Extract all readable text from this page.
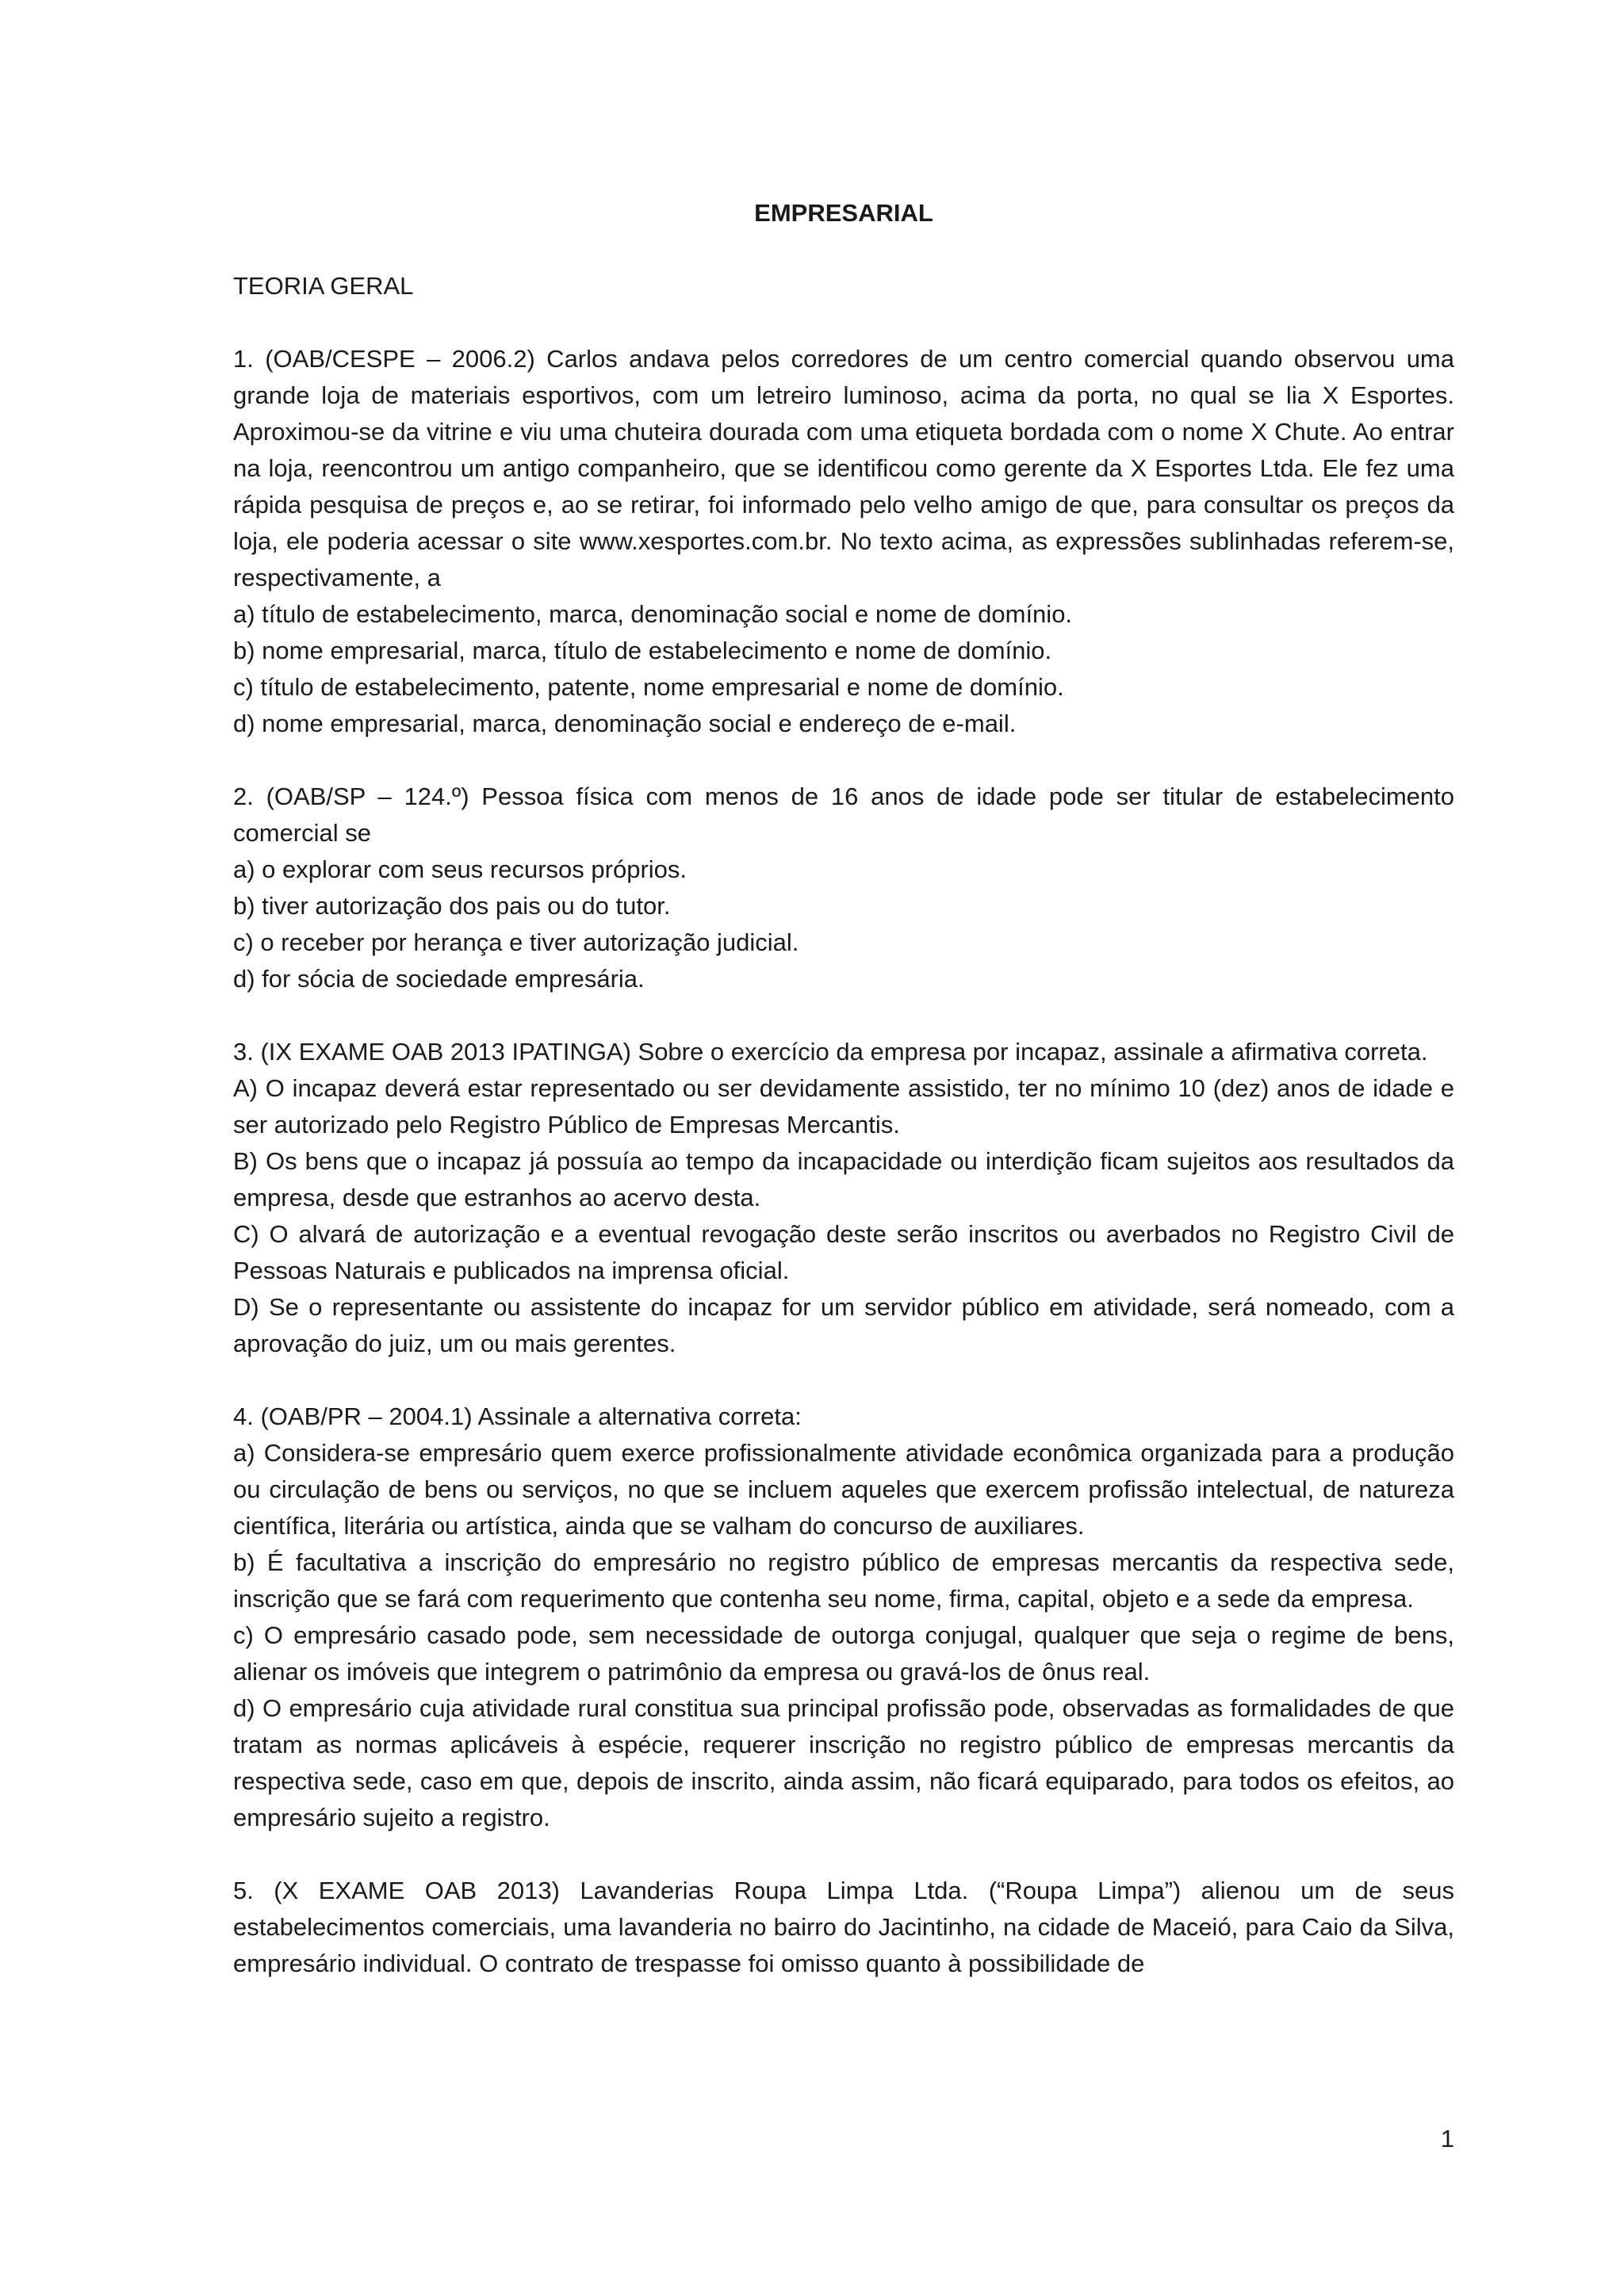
EMPRESARIAL

TEORIA GERAL

1. (OAB/CESPE – 2006.2) Carlos andava pelos corredores de um centro comercial quando observou uma grande loja de materiais esportivos, com um letreiro luminoso, acima da porta, no qual se lia X Esportes. Aproximou-se da vitrine e viu uma chuteira dourada com uma etiqueta bordada com o nome X Chute. Ao entrar na loja, reencontrou um antigo companheiro, que se identificou como gerente da X Esportes Ltda. Ele fez uma rápida pesquisa de preços e, ao se retirar, foi informado pelo velho amigo de que, para consultar os preços da loja, ele poderia acessar o site www.xesportes.com.br. No texto acima, as expressões sublinhadas referem-se, respectivamente, a

a) título de estabelecimento, marca, denominação social e nome de domínio.

b) nome empresarial, marca, título de estabelecimento e nome de domínio.

c) título de estabelecimento, patente, nome empresarial e nome de domínio.

d) nome empresarial, marca, denominação social e endereço de e-mail.

2. (OAB/SP – 124.º) Pessoa física com menos de 16 anos de idade pode ser titular de estabelecimento comercial se

a) o explorar com seus recursos próprios.

b) tiver autorização dos pais ou do tutor.

c) o receber por herança e tiver autorização judicial.

d) for sócia de sociedade empresária.

3. (IX EXAME OAB 2013 IPATINGA) Sobre o exercício da empresa por incapaz, assinale a afirmativa correta.

A) O incapaz deverá estar representado ou ser devidamente assistido, ter no mínimo 10 (dez) anos de idade e ser autorizado pelo Registro Público de Empresas Mercantis.

B) Os bens que o incapaz já possuía ao tempo da incapacidade ou interdição ficam sujeitos aos resultados da empresa, desde que estranhos ao acervo desta.

C) O alvará de autorização e a eventual revogação deste serão inscritos ou averbados no Registro Civil de Pessoas Naturais e publicados na imprensa oficial.

D) Se o representante ou assistente do incapaz for um servidor público em atividade, será nomeado, com a aprovação do juiz, um ou mais gerentes.

4. (OAB/PR – 2004.1) Assinale a alternativa correta:

a) Considera-se empresário quem exerce profissionalmente atividade econômica organizada para a produção ou circulação de bens ou serviços, no que se incluem aqueles que exercem profissão intelectual, de natureza científica, literária ou artística, ainda que se valham do concurso de auxiliares.

b) É facultativa a inscrição do empresário no registro público de empresas mercantis da respectiva sede, inscrição que se fará com requerimento que contenha seu nome, firma, capital, objeto e a sede da empresa.

c) O empresário casado pode, sem necessidade de outorga conjugal, qualquer que seja o regime de bens, alienar os imóveis que integrem o patrimônio da empresa ou gravá-los de ônus real.

d) O empresário cuja atividade rural constitua sua principal profissão pode, observadas as formalidades de que tratam as normas aplicáveis à espécie, requerer inscrição no registro público de empresas mercantis da respectiva sede, caso em que, depois de inscrito, ainda assim, não ficará equiparado, para todos os efeitos, ao empresário sujeito a registro.

5. (X EXAME OAB 2013) Lavanderias Roupa Limpa Ltda. (“Roupa Limpa”) alienou um de seus estabelecimentos comerciais, uma lavanderia no bairro do Jacintinho, na cidade de Maceió, para Caio da Silva, empresário individual. O contrato de trespasse foi omisso quanto à possibilidade de

1
